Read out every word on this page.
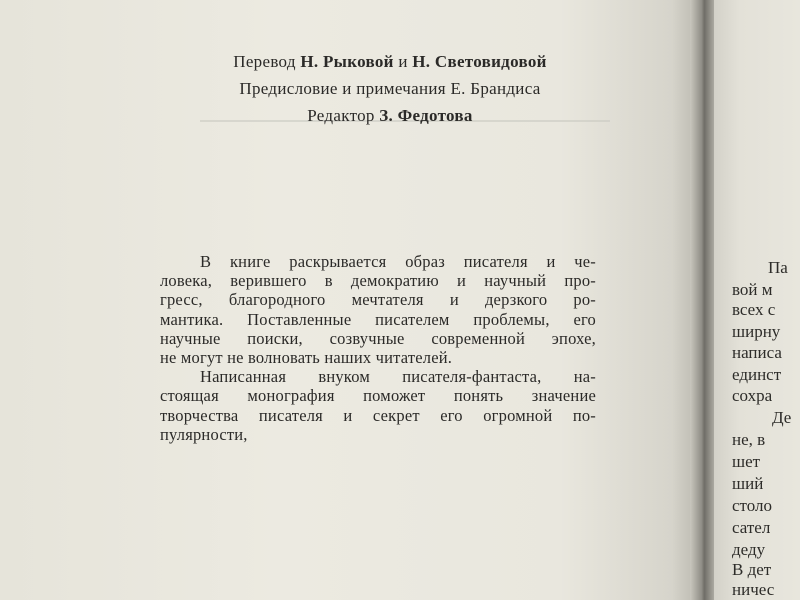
Перевод Н. Рыковой и Н. Световидовой
Предисловие и примечания Е. Брандиса
Редактор З. Федотова
В книге раскрывается образ писателя и че-
ловека, верившего в демократию и научный про-
гресс, благородного мечтателя и дерзкого ро-
мантика. Поставленные писателем проблемы, его
научные поиски, созвучные современной эпохе,
не могут не волновать наших читателей.
Написанная внуком писателя-фантаста, на-
стоящая монография поможет понять значение
творчества писателя и секрет его огромной по-
пулярности,
Па
вой м
всех с
ширну
написа
единст
сохра
Де
не, в
шет
ший
столо
сател
деду
В дет
ничес
